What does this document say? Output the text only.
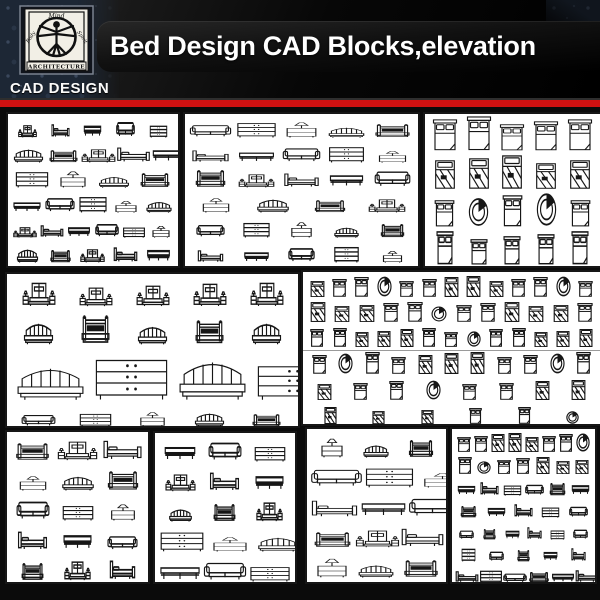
Bed Design CAD Blocks,elevation
Mind
Body	Spirit
ARCHITECTURE
CAD DESIGN
